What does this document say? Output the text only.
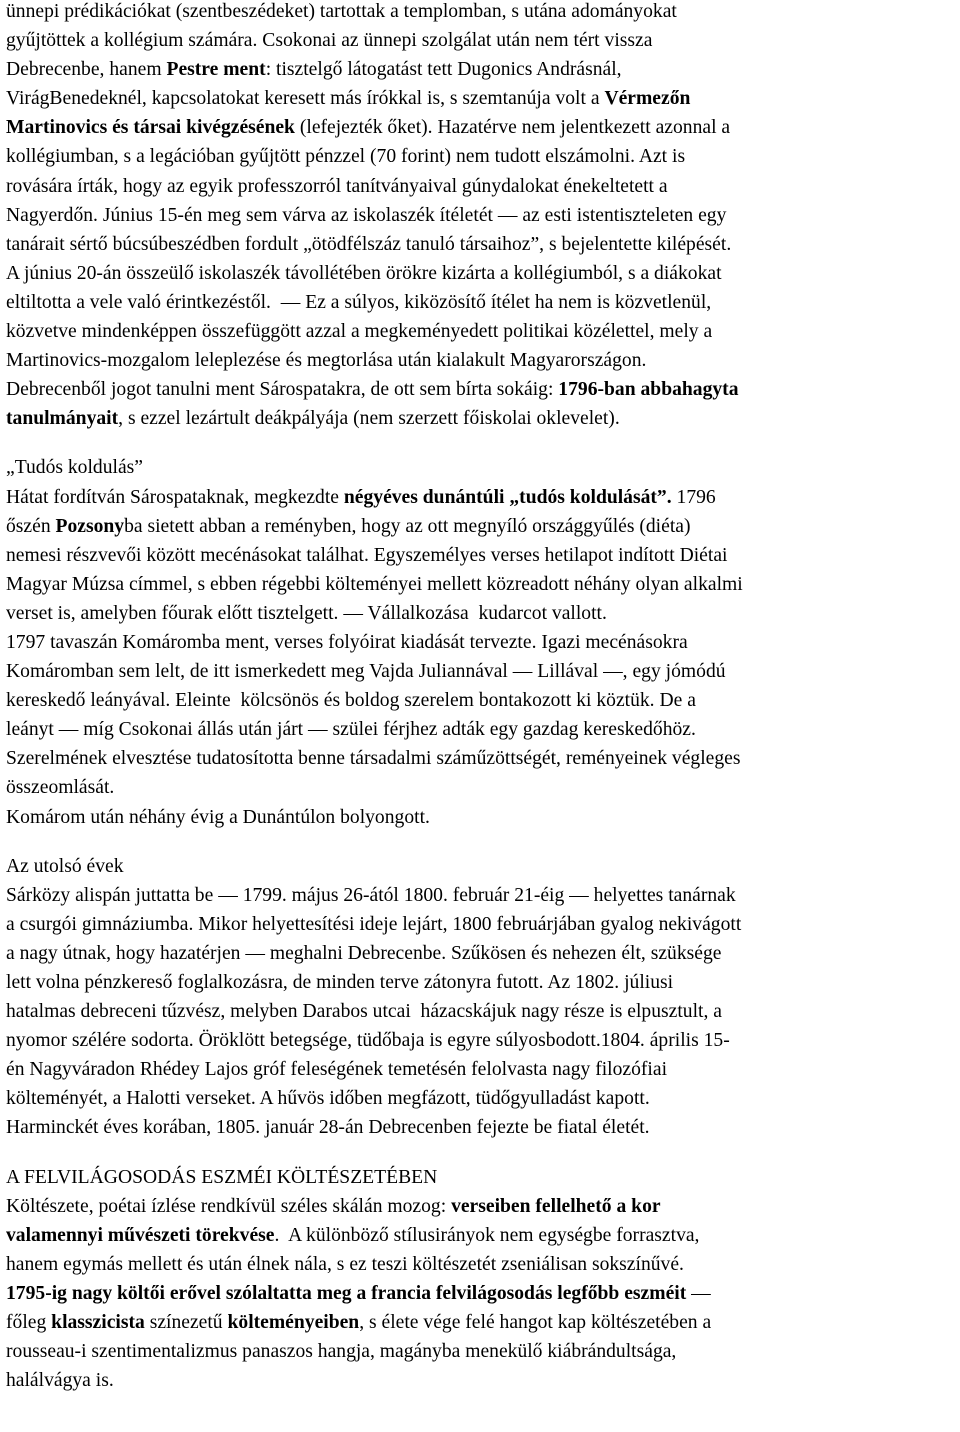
ünnepi prédikációkat (szentbeszédeket) tartottak a templomban, s utána adományokat
gyűjtöttek a kollégium számára. Csokonai az ünnepi szolgálat után nem tért vissza
Debrecenbe, hanem Pestre ment: tisztelgő látogatást tett Dugonics Andrásnál,
VirágBenedeknél, kapcsolatokat keresett más írókkal is, s szemtanúja volt a Vérmezőn
Martinovics és társai kivégzésének (lefejezték őket). Hazatérve nem jelentkezett azonnal a
kollégiumban, s a legációban gyűjtött pénzzel (70 forint) nem tudott elszámolni. Azt is
rovására írták, hogy az egyik professzorról tanítványaival gúnydalokat énekeltetett a
Nagyerdőn. Június 15-én meg sem várva az iskolaszék ítéletét ― az esti istentiszteleten egy
tanárait sértő búcsúbeszédben fordult „ötödfélszáz tanuló társaihoz”, s bejelentette kilépését.
A június 20-án összeülő iskolaszék távollétében örökre kizárta a kollégiumból, s a diákokat
eltiltotta a vele való érintkezéstől.  ― Ez a súlyos, kiközösítő ítélet ha nem is közvetlenül,
közvetve mindenképpen összefüggött azzal a megkeményedett politikai közélettel, mely a
Martinovics-mozgalom leleplezése és megtorlása után kialakult Magyarországon.
Debrecenből jogot tanulni ment Sárospatakra, de ott sem bírta sokáig: 1796-ban abbahagyta
tanulmányait, s ezzel lezártult deákpályája (nem szerzett főiskolai oklevelet).
„Tudós koldulás”
Hátat fordítván Sárospataknak, megkezdte négyéves dunántúli „tudós koldulását”. 1796
őszén Pozsonyba sietett abban a reményben, hogy az ott megnyíló országgyűlés (diéta)
nemesi részvevői között mecénásokat találhat. Egyszemélyes verses hetilapot indított Diétai
Magyar Múzsa címmel, s ebben régebbi költeményei mellett közreadott néhány olyan alkalmi
verset is, amelyben főurak előtt tisztelgett. ― Vállalkozása  kudarcot vallott.
1797 tavaszán Komáromba ment, verses folyóirat kiadását tervezte. Igazi mecénásokra
Komáromban sem lelt, de itt ismerkedett meg Vajda Juliannával ― Lillával ―, egy jómódú
kereskedő leányával. Eleinte  kölcsönös és boldog szerelem bontakozott ki köztük. De a
leányt ― míg Csokonai állás után járt ― szülei férjhez adták egy gazdag kereskedőhöz.
Szerelmének elvesztése tudatosította benne társadalmi száműzöttségét, reményeinek végleges
összeomlását.
Komárom után néhány évig a Dunántúlon bolyongott.
Az utolsó évek
Sárközy alispán juttatta be ― 1799. május 26-ától 1800. február 21-éig ― helyettes tanárnak
a csurgói gimnáziumba. Mikor helyettesítési ideje lejárt, 1800 februárjában gyalog nekivágott
a nagy útnak, hogy hazatérjen ― meghalni Debrecenbe. Szűkösen és nehezen élt, szüksége
lett volna pénzkereső foglalkozásra, de minden terve zátonyra futott. Az 1802. júliusi
hatalmas debreceni tűzvész, melyben Darabos utcai  házacskájuk nagy része is elpusztult, a
nyomor szélére sodorta. Öröklött betegsége, tüdőbaja is egyre súlyosbodott.1804. április 15-
én Nagyváradon Rhédey Lajos gróf feleségének temetésén felolvasta nagy filozófiai
költeményét, a Halotti verseket. A hűvös időben megfázott, tüdőgyulladást kapott.
Harminckét éves korában, 1805. január 28-án Debrecenben fejezte be fiatal életét.
A FELVILÁGOSODÁS ESZMÉI KÖLTÉSZETÉBEN
Költészete, poétai ízlése rendkívül széles skálán mozog: verseiben fellelhető a kor
valamennyi művészeti törekvése.  A különböző stílusirányok nem egységbe forrasztva,
hanem egymás mellett és után élnek nála, s ez teszi költészetét zseniálisan sokszínűvé.
1795-ig nagy költői erővel szólaltatta meg a francia felvilágosodás legfőbb eszméit ―
főleg klasszicista színezetű költeményeiben, s élete vége felé hangot kap költészetében a
rousseau-i szentimentalizmus panaszos hangja, magányba menekülő kiábrándultsága,
halálvágya is.
